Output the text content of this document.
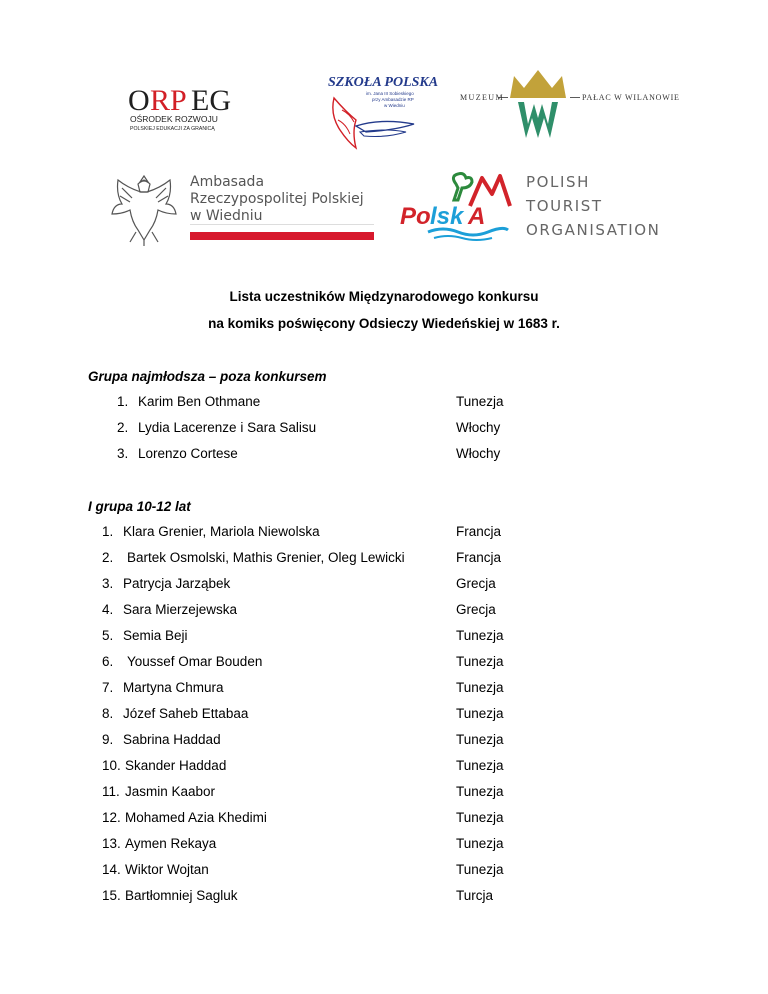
O RP EG
OŚRODEK ROZWOJU
POLSKIEJ EDUKACJI ZA GRANICĄ
SZKOŁA POLSKA
im. Jana III Sobieskiego
przy Ambasadzie RP
w Wiedniu
MUZEUM	PAŁAC W WILANOWIE
Ambasada
Rzeczypospolitej Polskiej
w Wiedniu	Po lsk A
POLISH
TOURIST
ORGANISATION
Lista uczestników Międzynarodowego konkursu
na komiks poświęcony Odsieczy Wiedeńskiej w 1683 r.
Grupa najmłodsza – poza konkursem
1. Karim Ben Othmane	Tunezja
2. Lydia Lacerenze i Sara Salisu	Włochy
3. Lorenzo Cortese	Włochy
I grupa 10-12 lat
1. Klara Grenier, Mariola Niewolska	Francja
2. Bartek Osmolski, Mathis Grenier, Oleg Lewicki	Francja
3. Patrycja Jarząbek	Grecja
4. Sara Mierzejewska	Grecja
5. Semia Beji	Tunezja
6. Youssef Omar Bouden	Tunezja
7. Martyna Chmura	Tunezja
8. Józef Saheb Ettabaa	Tunezja
9. Sabrina Haddad	Tunezja
10. Skander Haddad	Tunezja
11. Jasmin Kaabor	Tunezja
12. Mohamed Azia Khedimi	Tunezja
13. Aymen Rekaya	Tunezja
14. Wiktor Wojtan	Tunezja
15. Bartłomniej Sagluk	Turcja
